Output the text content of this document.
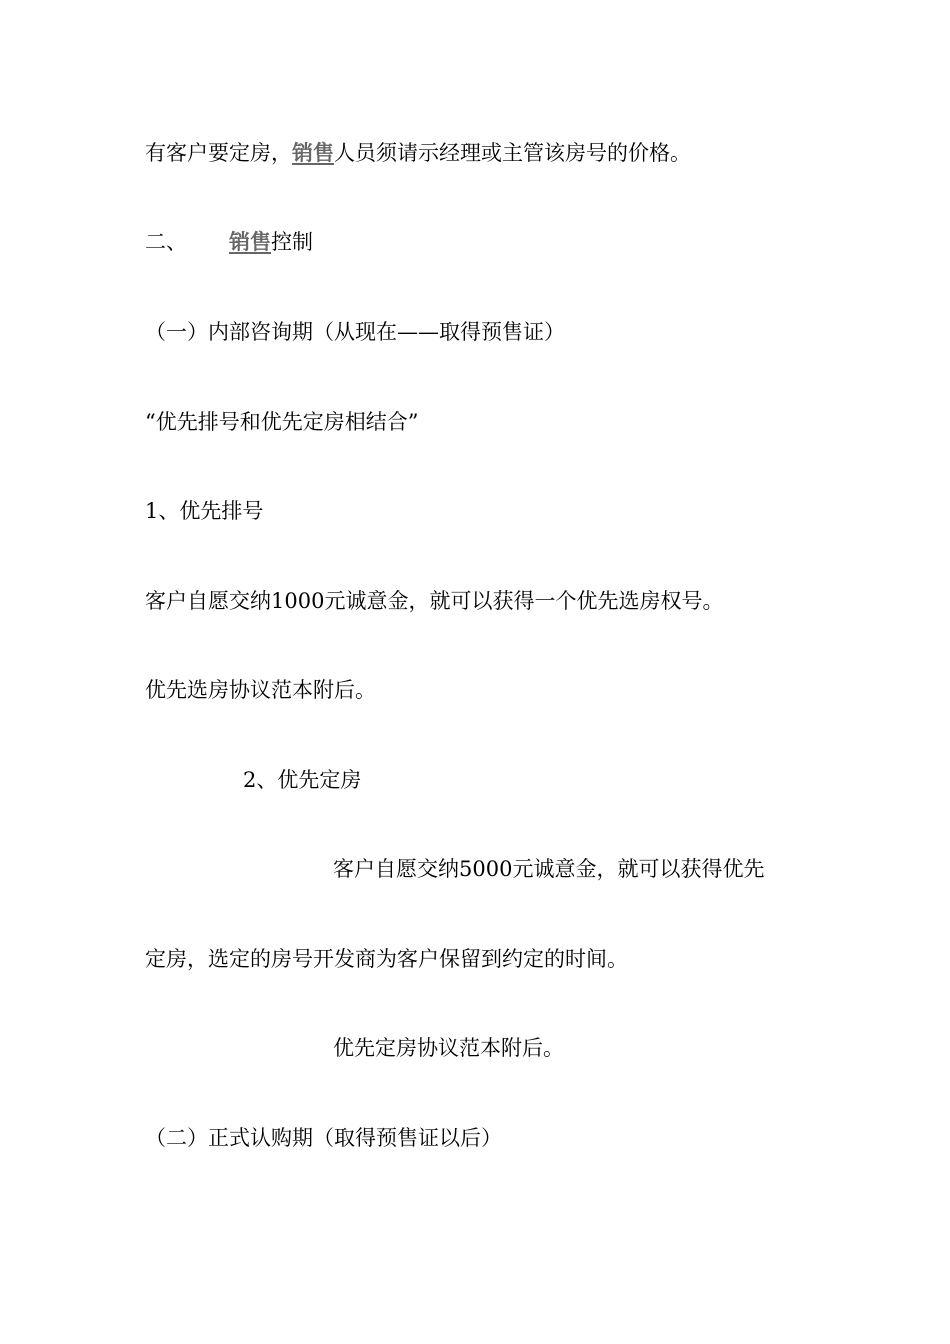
有客户要定房，销售人员须请示经理或主管该房号的价格。
二、 销售控制
（一）内部咨询期（从现在——取得预售证）
“优先排号和优先定房相结合”
1、优先排号
客户自愿交纳1000元诚意金，就可以获得一个优先选房权号。
优先选房协议范本附后。
2、优先定房
客户自愿交纳5000元诚意金，就可以获得优先
定房，选定的房号开发商为客户保留到约定的时间。
优先定房协议范本附后。
（二）正式认购期（取得预售证以后）
